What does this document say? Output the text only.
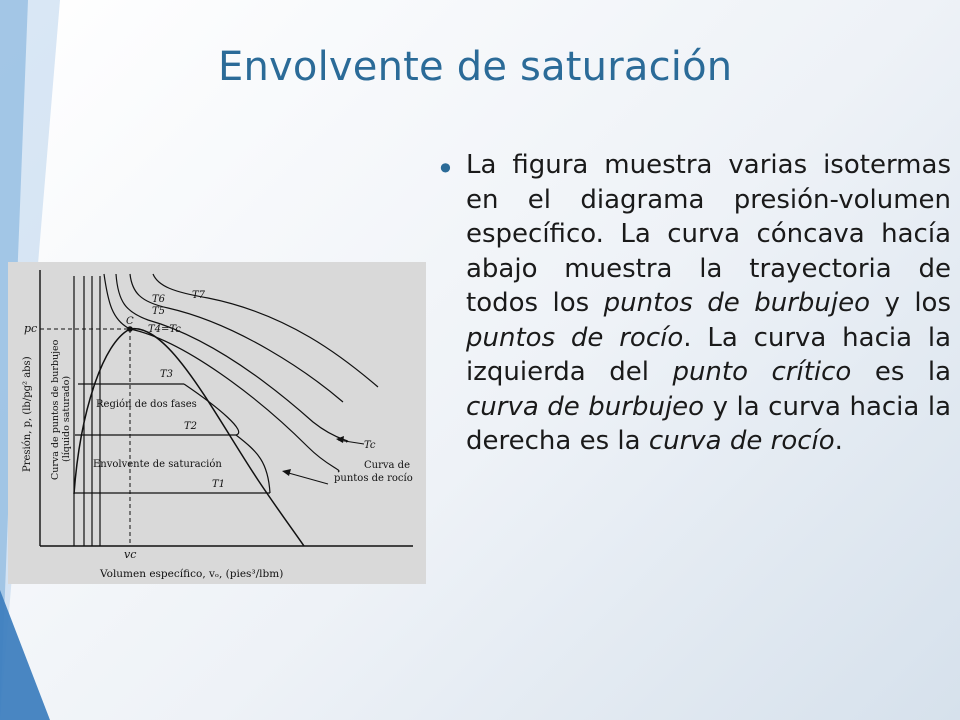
Envolvente de saturación
• La figura muestra varias isotermas en el diagrama presión-volumen específico. La curva cóncava hacía abajo muestra la trayectoria de todos los puntos de burbujeo y los puntos de rocío. La curva hacia la izquierda del punto crítico es la curva de burbujeo y la curva hacia la derecha es la curva de rocío.

pc
vc
C
Región de dos fases
Envolvente de saturación	Curva de
puntos de rocío
Tc
T7
T6
T5
T4=Tc
T3
T2
T1
Presión, p, (lb/pg² abs) Curva de puntos de burbujeo (líquido saturado)
Volumen específico, vₒ, (pies³/lbm)
